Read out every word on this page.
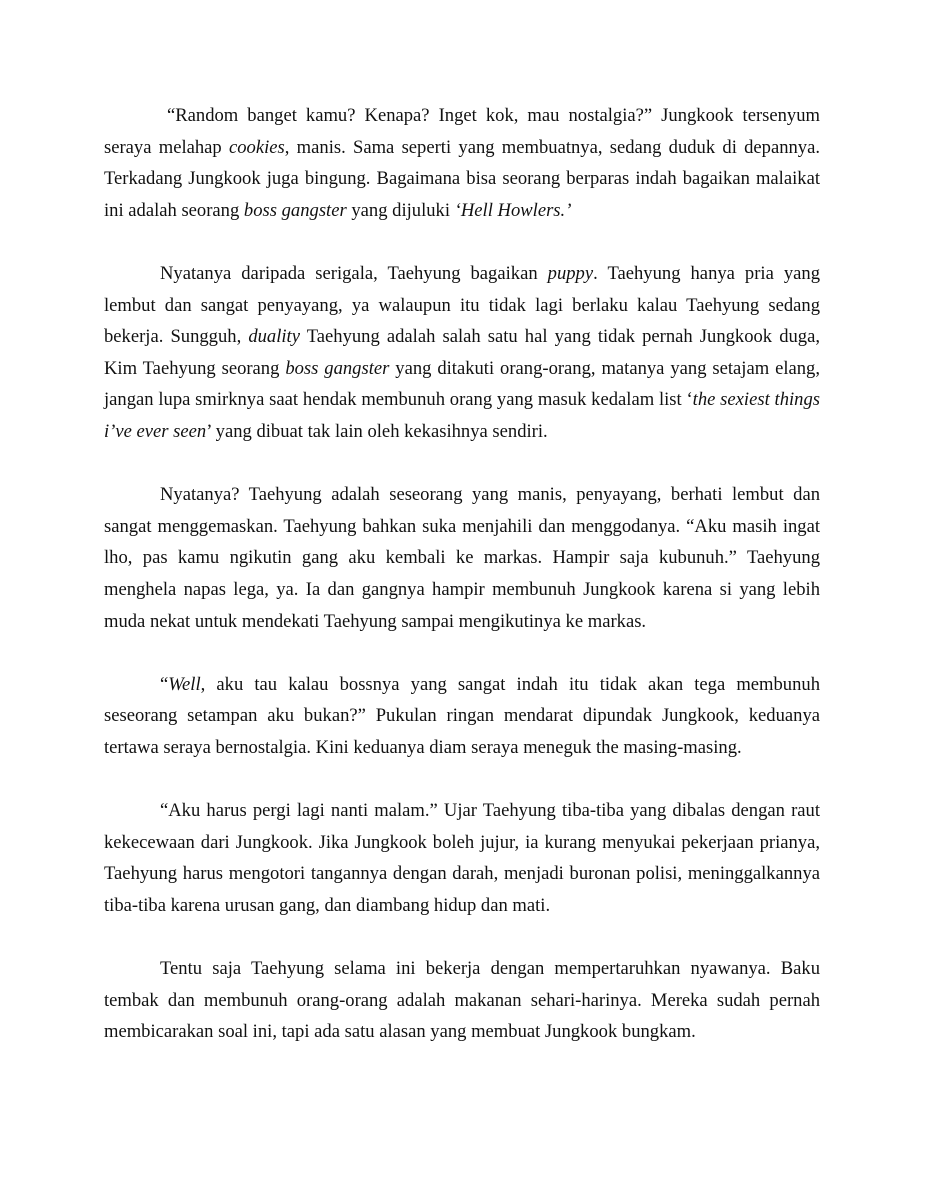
“Random banget kamu? Kenapa? Inget kok, mau nostalgia?” Jungkook tersenyum seraya melahap cookies, manis. Sama seperti yang membuatnya, sedang duduk di depannya. Terkadang Jungkook juga bingung. Bagaimana bisa seorang berparas indah bagaikan malaikat ini adalah seorang boss gangster yang dijuluki ‘Hell Howlers.’

Nyatanya daripada serigala, Taehyung bagaikan puppy. Taehyung hanya pria yang lembut dan sangat penyayang, ya walaupun itu tidak lagi berlaku kalau Taehyung sedang bekerja. Sungguh, duality Taehyung adalah salah satu hal yang tidak pernah Jungkook duga, Kim Taehyung seorang boss gangster yang ditakuti orang-orang, matanya yang setajam elang, jangan lupa smirknya saat hendak membunuh orang yang masuk kedalam list ‘the sexiest things i’ve ever seen’ yang dibuat tak lain oleh kekasihnya sendiri.

Nyatanya? Taehyung adalah seseorang yang manis, penyayang, berhati lembut dan sangat menggemaskan. Taehyung bahkan suka menjahili dan menggodanya. “Aku masih ingat lho, pas kamu ngikutin gang aku kembali ke markas. Hampir saja kubunuh.” Taehyung menghela napas lega, ya. Ia dan gangnya hampir membunuh Jungkook karena si yang lebih muda nekat untuk mendekati Taehyung sampai mengikutinya ke markas.

“Well, aku tau kalau bossnya yang sangat indah itu tidak akan tega membunuh seseorang setampan aku bukan?” Pukulan ringan mendarat dipundak Jungkook, keduanya tertawa seraya bernostalgia. Kini keduanya diam seraya meneguk the masing-masing.

“Aku harus pergi lagi nanti malam.” Ujar Taehyung tiba-tiba yang dibalas dengan raut kekecewaan dari Jungkook. Jika Jungkook boleh jujur, ia kurang menyukai pekerjaan prianya, Taehyung harus mengotori tangannya dengan darah, menjadi buronan polisi, meninggalkannya tiba-tiba karena urusan gang, dan diambang hidup dan mati.

Tentu saja Taehyung selama ini bekerja dengan mempertaruhkan nyawanya. Baku tembak dan membunuh orang-orang adalah makanan sehari-harinya. Mereka sudah pernah membicarakan soal ini, tapi ada satu alasan yang membuat Jungkook bungkam.
